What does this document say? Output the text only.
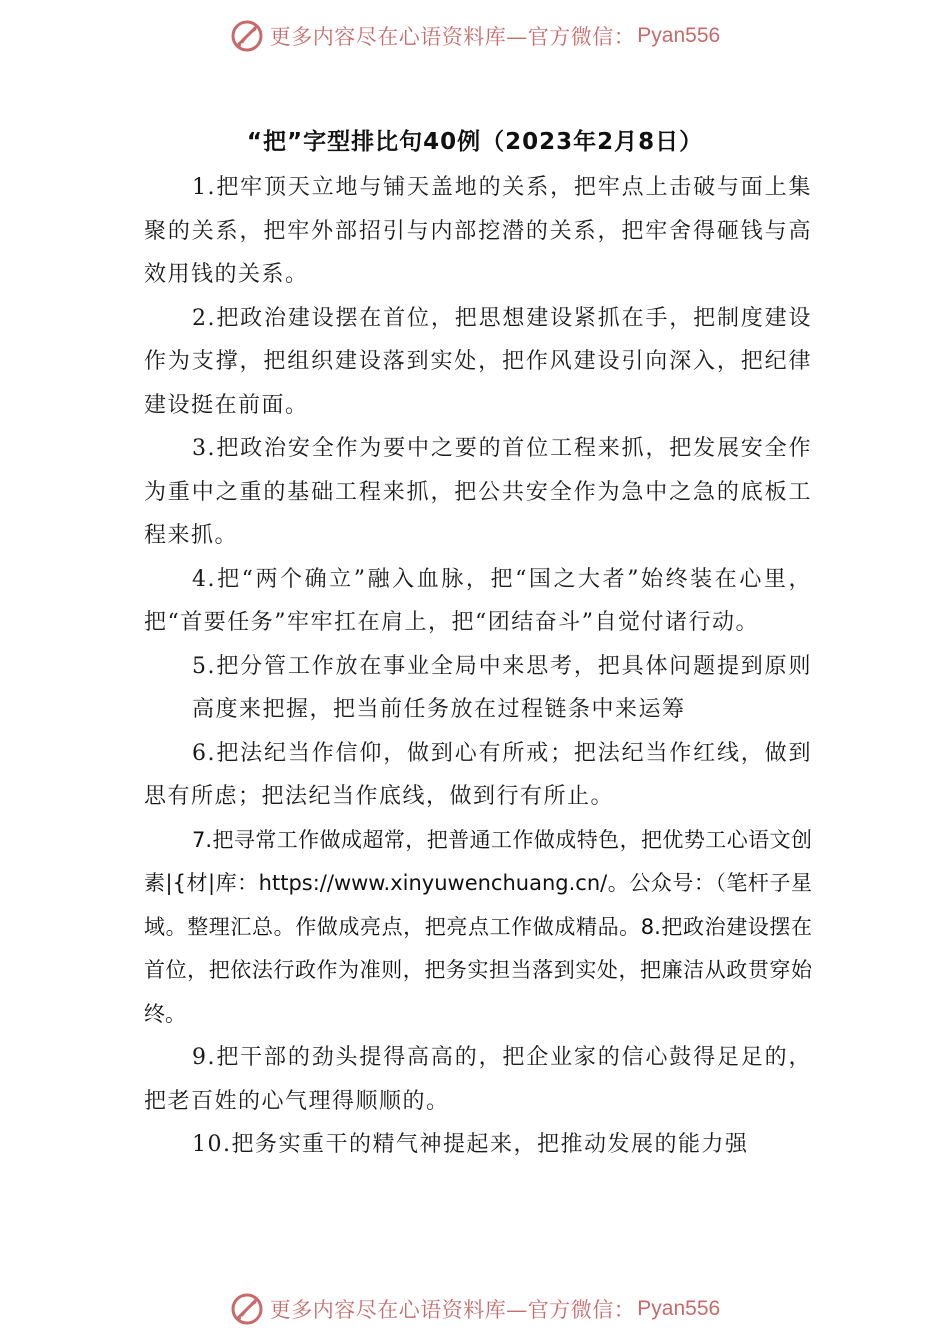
更多内容尽在心语资料库—官方微信： Pyan556
“把”字型排比句40例（2023年2月8日）

1.把牢顶天立地与铺天盖地的关系，把牢点上击破与面上集聚的关系，把牢外部招引与内部挖潜的关系，把牢舍得砸钱与高效用钱的关系。

2.把政治建设摆在首位，把思想建设紧抓在手，把制度建设作为支撑，把组织建设落到实处，把作风建设引向深入，把纪律建设挺在前面。

3.把政治安全作为要中之要的首位工程来抓，把发展安全作为重中之重的基础工程来抓，把公共安全作为急中之急的底板工程来抓。

4.把“两个确立”融入血脉，把“国之大者”始终装在心里，把“首要任务”牢牢扛在肩上，把“团结奋斗”自觉付诸行动。

5.把分管工作放在事业全局中来思考，把具体问题提到原则高度来把握，把当前任务放在过程链条中来运筹

6.把法纪当作信仰，做到心有所戒；把法纪当作红线，做到思有所虑；把法纪当作底线，做到行有所止。

7.把寻常工作做成超常，把普通工作做成特色，把优势工心语文创素|{材|库：https://www.xinyuwenchuang.cn/。公众号：（笔杆子星域。整理汇总。作做成亮点，把亮点工作做成精品。8.把政治建设摆在首位，把依法行政作为准则，把务实担当落到实处，把廉洁从政贯穿始终。

9.把干部的劲头提得高高的，把企业家的信心鼓得足足的，把老百姓的心气理得顺顺的。

10.把务实重干的精气神提起来，把推动发展的能力强

更多内容尽在心语资料库—官方微信： Pyan556
